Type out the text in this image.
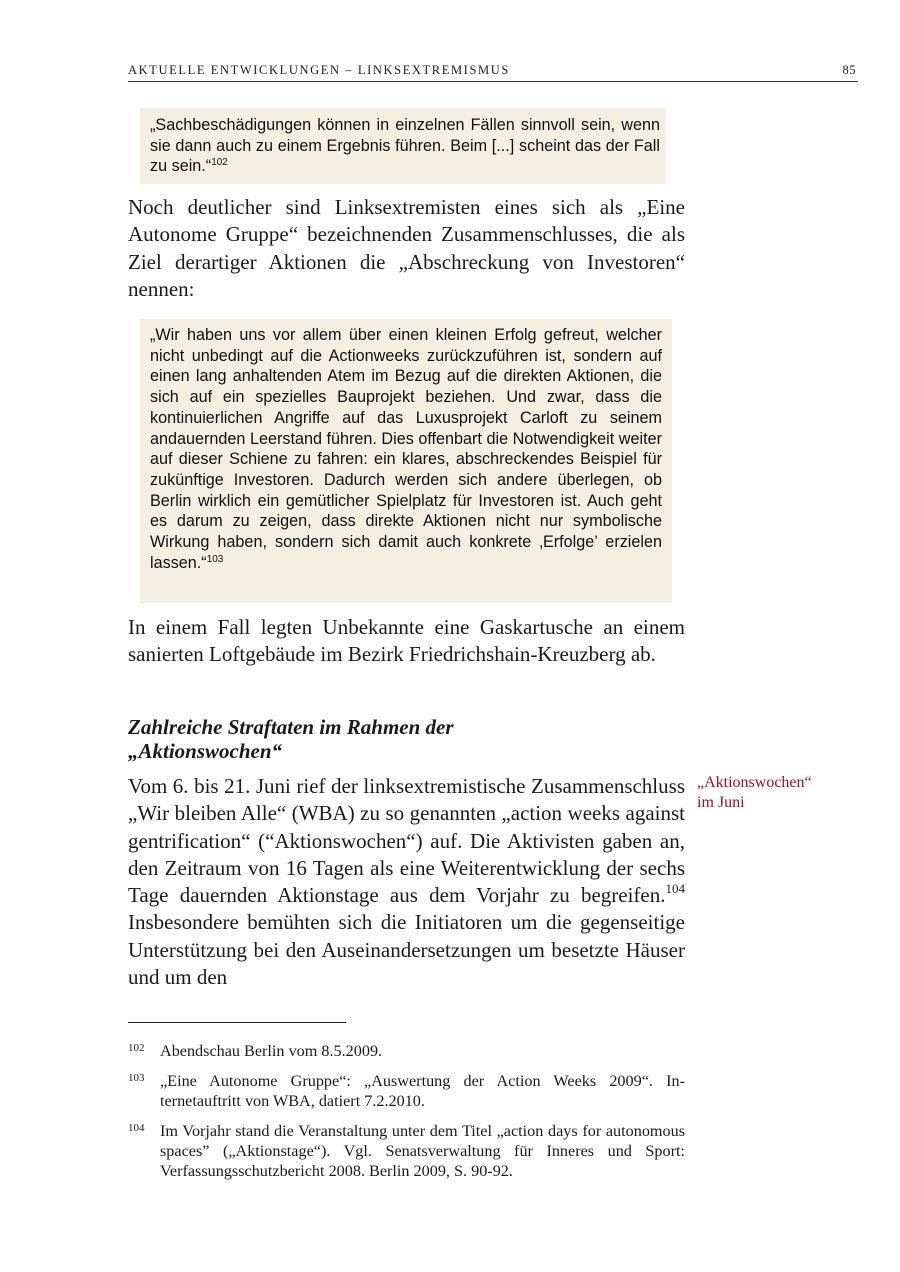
AKTUELLE ENTWICKLUNGEN – LINKSEXTREMISMUS	85
„Sachbeschädigungen können in einzelnen Fällen sinnvoll sein, wenn sie dann auch zu einem Ergebnis führen. Beim [...] scheint das der Fall zu sein.“$^{102}$
Noch deutlicher sind Linksextremisten eines sich als „Eine Autonome Gruppe“ bezeichnenden Zusammenschlusses, die als Ziel derartiger Aktionen die „Abschreckung von Investoren“ nennen:
„Wir haben uns vor allem über einen kleinen Erfolg gefreut, welcher nicht unbedingt auf die Actionweeks zurückzuführen ist, sondern auf einen lang anhaltenden Atem im Bezug auf die direkten Aktionen, die sich auf ein spezielles Bauprojekt beziehen. Und zwar, dass die kontinuierlichen Angriffe auf das Luxusprojekt Carloft zu seinem andauernden Leerstand führen. Dies offenbart die Notwendigkeit weiter auf dieser Schiene zu fahren: ein klares, abschreckendes Beispiel für zukünftige Investoren. Dadurch werden sich andere überlegen, ob Berlin wirklich ein gemütlicher Spielplatz für Investoren ist. Auch geht es darum zu zeigen, dass direkte Aktionen nicht nur symbolische Wirkung haben, sondern sich damit auch konkrete ‚Erfolge’ erzielen lassen.“$^{103}$
In einem Fall legten Unbekannte eine Gaskartusche an einem sanierten Loftgebäude im Bezirk Friedrichshain-Kreuzberg ab.
Zahlreiche Straftaten im Rahmen der
„Aktionswochen“
Vom 6. bis 21. Juni rief der linksextremistische Zusammenschluss „Wir bleiben Alle“ (WBA) zu so genannten „action weeks against gentrification“ (“Aktionswochen“) auf. Die Aktivisten gaben an, den Zeitraum von 16 Tagen als eine Weiterentwicklung der sechs Tage dauernden Aktionstage aus dem Vorjahr zu begreifen.$^{104}$ Insbesondere bemühten sich die Initiatoren um die gegenseitige Unterstützung bei den Auseinandersetzungen um besetzte Häuser und um den
„Aktionswochen“
im Juni
102 Abendschau Berlin vom 8.5.2009.
103 „Eine Autonome Gruppe“: „Auswertung der Action Weeks 2009“. Internetauftritt von WBA, datiert 7.2.2010.
104 Im Vorjahr stand die Veranstaltung unter dem Titel „action days for autonomous spaces” („Aktionstage“). Vgl. Senatsverwaltung für Inneres und Sport: Verfassungsschutzbericht 2008. Berlin 2009, S. 90-92.
